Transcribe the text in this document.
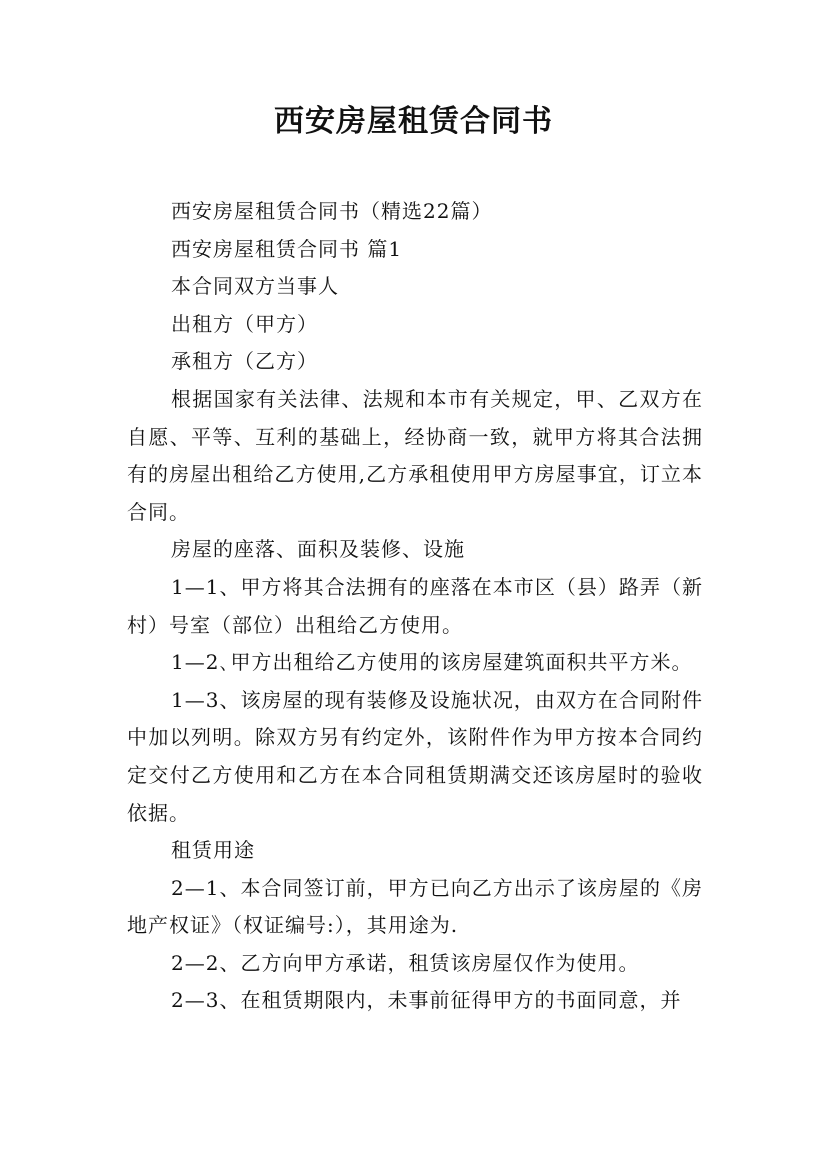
西安房屋租赁合同书

西安房屋租赁合同书（精选22篇）

西安房屋租赁合同书 篇1

本合同双方当事人

出租方（甲方）

承租方（乙方）

根据国家有关法律、法规和本市有关规定，甲、乙双方在自愿、平等、互利的基础上，经协商一致，就甲方将其合法拥有的房屋出租给乙方使用,乙方承租使用甲方房屋事宜，订立本合同。

房屋的座落、面积及装修、设施

1—1、甲方将其合法拥有的座落在本市区（县）路弄（新村）号室（部位）出租给乙方使用。

1—2､甲方出租给乙方使用的该房屋建筑面积共平方米。

1—3、该房屋的现有装修及设施状况，由双方在合同附件中加以列明。除双方另有约定外，该附件作为甲方按本合同约定交付乙方使用和乙方在本合同租赁期满交还该房屋时的验收依据。

租赁用途

2—1、本合同签订前，甲方已向乙方出示了该房屋的《房地产权证》（权证编号:），其用途为.

2—2、乙方向甲方承诺，租赁该房屋仅作为使用。

2—3、在租赁期限内，未事前征得甲方的书面同意，并
